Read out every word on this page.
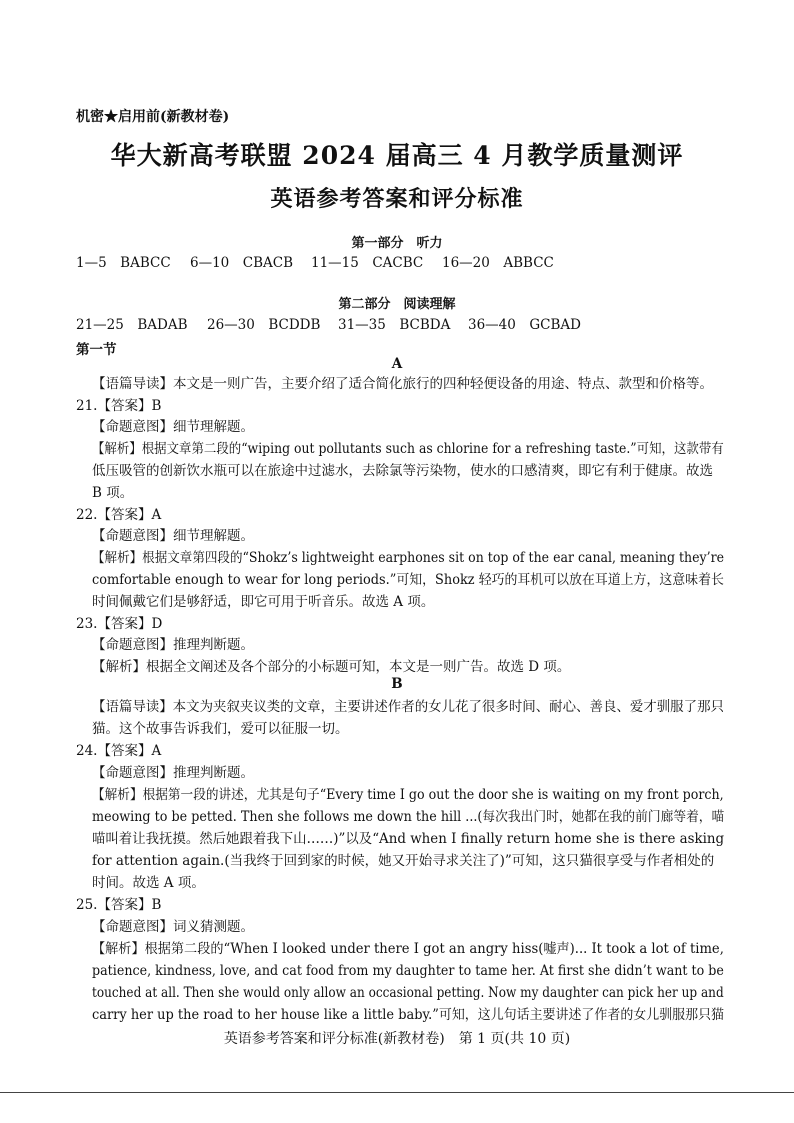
机密★启用前(新教材卷)
华大新高考联盟 2024 届高三 4 月教学质量测评
英语参考答案和评分标准
第一部分　听力
1—5　BABCC 6—10　CBACB 11—15　CACBC 16—20　ABBCC
第二部分　阅读理解
21—25　BADAB 26—30　BCDDB 31—35　BCBDA 36—40　GCBAD
第一节
A
【语篇导读】本文是一则广告，主要介绍了适合简化旅行的四种轻便设备的用途、特点、款型和价格等。
21.【答案】B
【命题意图】细节理解题。
【解析】根据文章第二段的“wiping out pollutants such as chlorine for a refreshing taste.”可知，这款带有
低压吸管的创新饮水瓶可以在旅途中过滤水，去除氯等污染物，使水的口感清爽，即它有利于健康。故选
B 项。
22.【答案】A
【命题意图】细节理解题。
【解析】根据文章第四段的“Shokz’s lightweight earphones sit on top of the ear canal, meaning they’re
comfortable enough to wear for long periods.”可知，Shokz 轻巧的耳机可以放在耳道上方，这意味着长
时间佩戴它们是够舒适，即它可用于听音乐。故选 A 项。
23.【答案】D
【命题意图】推理判断题。
【解析】根据全文阐述及各个部分的小标题可知，本文是一则广告。故选 D 项。
B
【语篇导读】本文为夹叙夹议类的文章，主要讲述作者的女儿花了很多时间、耐心、善良、爱才驯服了那只
猫。这个故事告诉我们，爱可以征服一切。
24.【答案】A
【命题意图】推理判断题。
【解析】根据第一段的讲述，尤其是句子“Every time I go out the door she is waiting on my front porch,
meowing to be petted. Then she follows me down the hill ...(每次我出门时，她都在我的前门廊等着，喵
喵叫着让我抚摸。然后她跟着我下山……)”以及“And when I finally return home she is there asking
for attention again.(当我终于回到家的时候，她又开始寻求关注了)”可知，这只猫很享受与作者相处的
时间。故选 A 项。
25.【答案】B
【命题意图】词义猜测题。
【解析】根据第二段的“When I looked under there I got an angry hiss(嘘声)... It took a lot of time,
patience, kindness, love, and cat food from my daughter to tame her. At first she didn’t want to be
touched at all. Then she would only allow an occasional petting. Now my daughter can pick her up and
carry her up the road to her house like a little baby.”可知，这儿句话主要讲述了作者的女儿驯服那只猫
英语参考答案和评分标准(新教材卷)　第 1 页(共 10 页)
